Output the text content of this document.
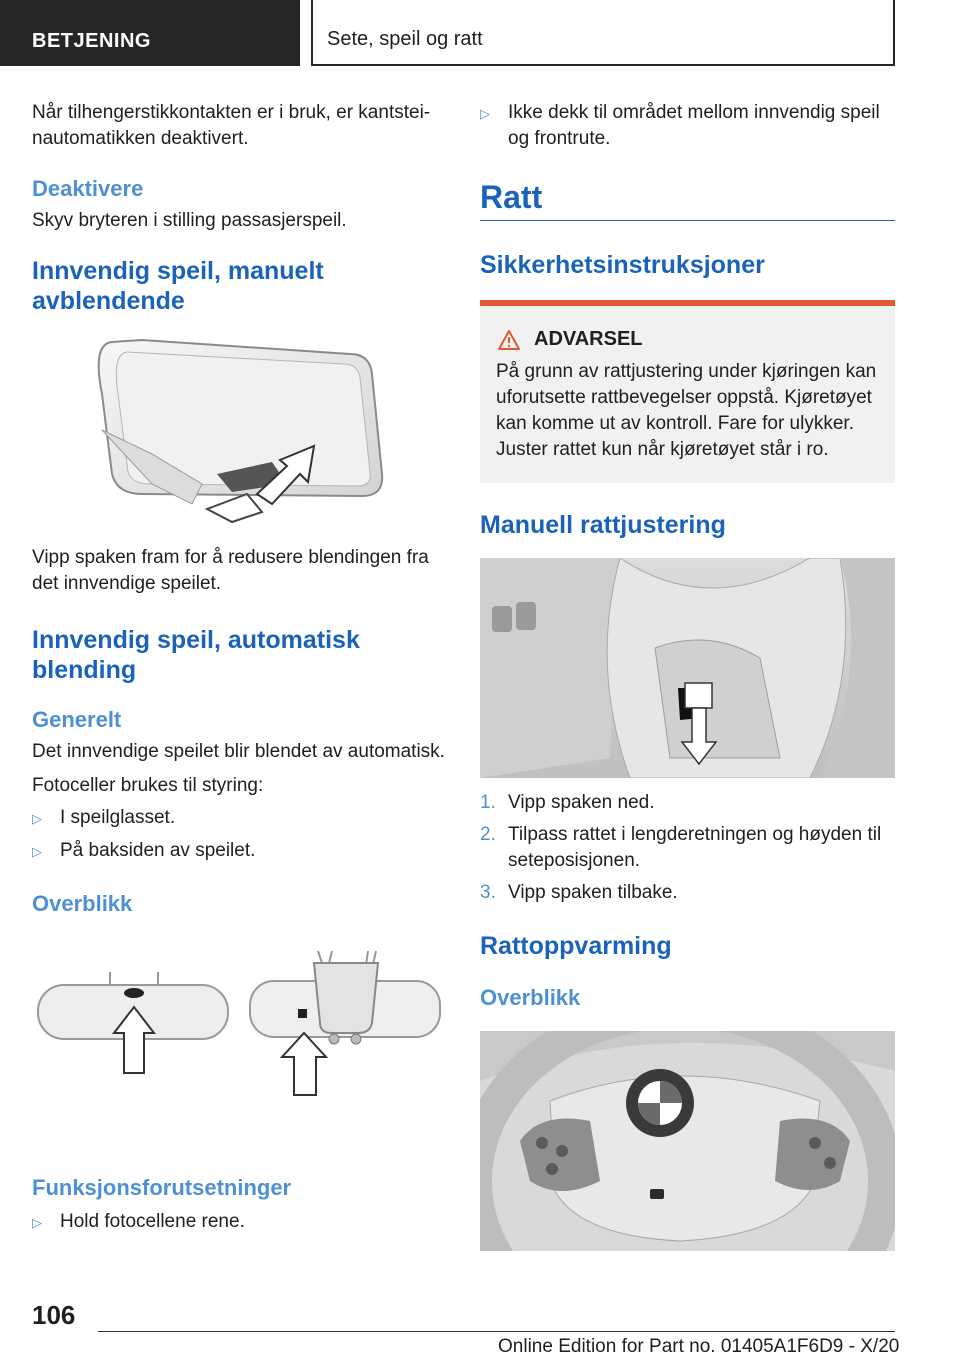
BETJENING	Sete, speil og ratt

Når tilhengerstikkontakten er i bruk, er kantsteinautomatikken deaktivert.

Deaktivere

Skyv bryteren i stilling passasjerspeil.

Innvendig speil, manuelt avblendende

Vipp spaken fram for å redusere blendingen fra det innvendige speilet.

Innvendig speil, automatisk blending
Generelt

Det innvendige speilet blir blendet av automatisk.

Fotoceller brukes til styring:

▷ I speilglasset.
▷ På baksiden av speilet.
Overblikk
Funksjonsforutsetninger
▷ Hold fotocellene rene.
▷ Ikke dekk til området mellom innvendig speil og frontrute.
Ratt
Sikkerhetsinstruksjoner
ADVARSEL

På grunn av rattjustering under kjøringen kan uforutsette rattbevegelser oppstå. Kjøretøyet kan komme ut av kontroll. Fare for ulykker. Juster rattet kun når kjøretøyet står i ro.

Manuell rattjustering
1. Vipp spaken ned.
2. Tilpass rattet i lengderetningen og høyden til seteposisjonen.
3. Vipp spaken tilbake.
Rattoppvarming
Overblikk
106
Online Edition for Part no. 01405A1F6D9 - X/20
